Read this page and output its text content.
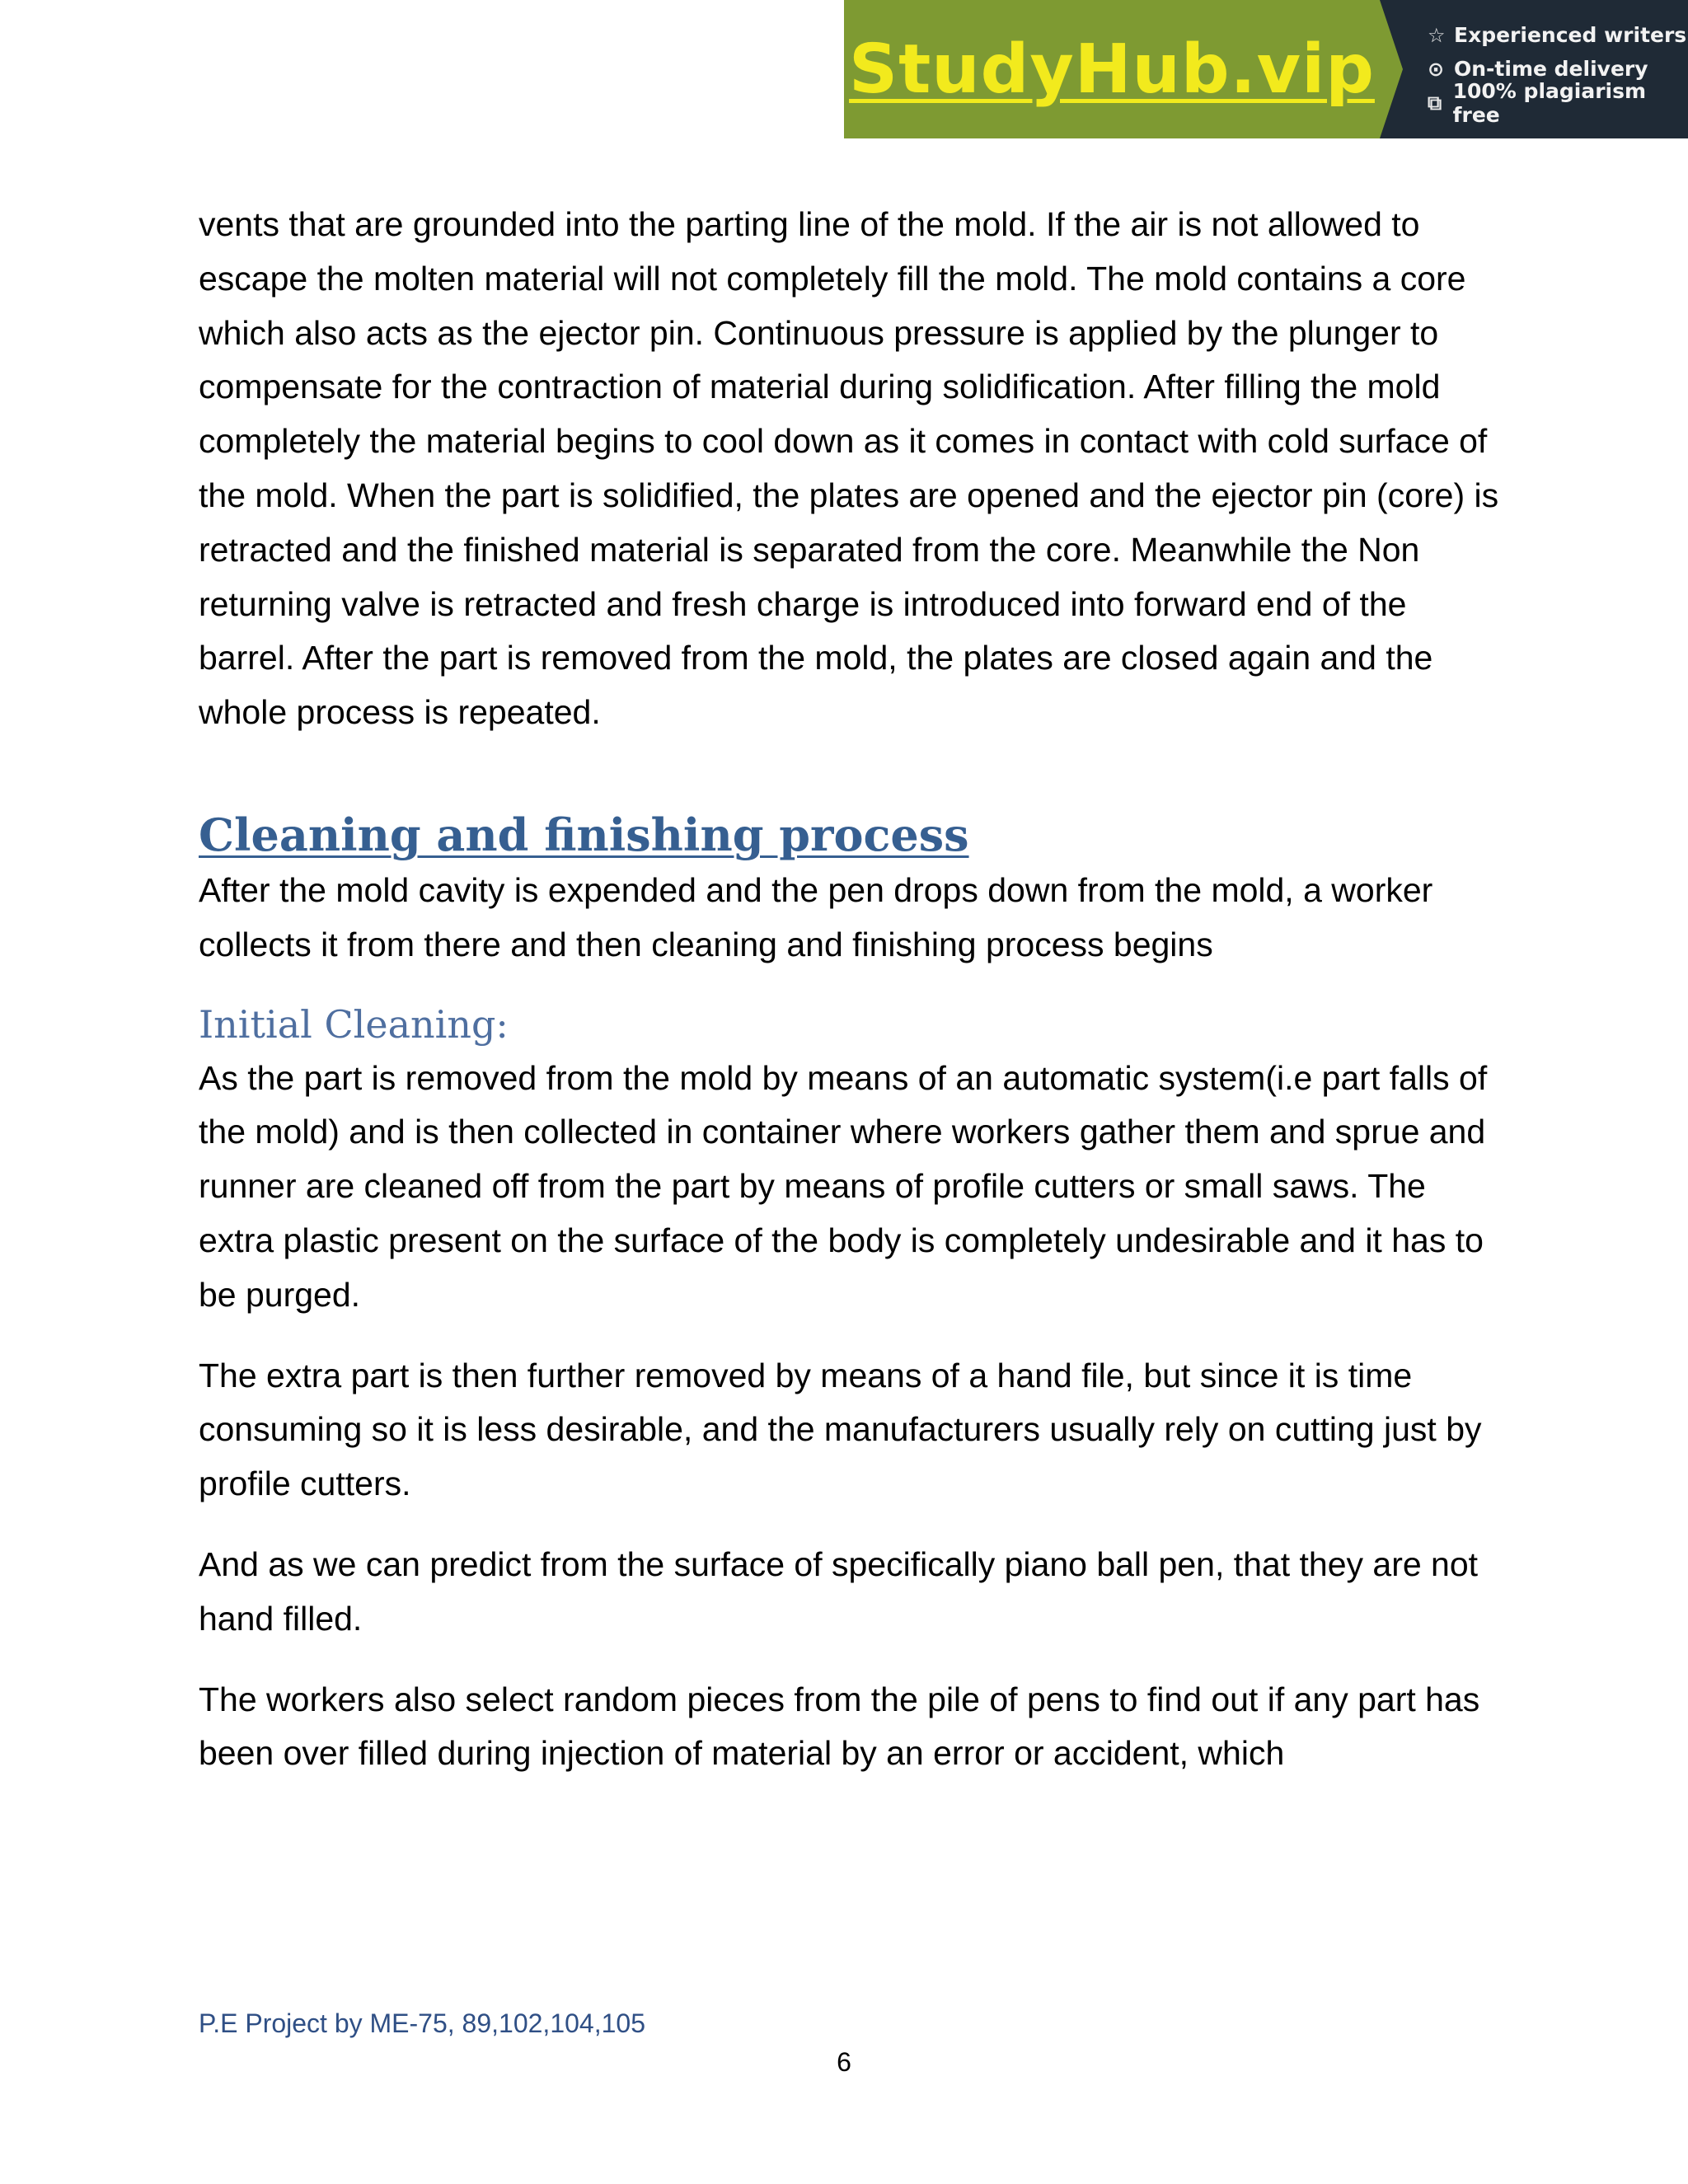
StudyHub.vip	☆ Experienced writers
⊙ On-time delivery
⧉ 100% plagiarism free

vents that are grounded into the parting line of the mold. If the air is not allowed to escape the molten material will not completely fill the mold. The mold contains a core which also acts as the ejector pin. Continuous pressure is applied by the plunger to compensate for the contraction of material during solidification. After filling the mold completely the material begins to cool down as it comes in contact with cold surface of the mold. When the part is solidified, the plates are opened and the ejector pin (core) is retracted and the finished material is separated from the core. Meanwhile the Non returning valve is retracted and fresh charge is introduced into forward end of the barrel. After the part is removed from the mold, the plates are closed again and the whole process is repeated.

Cleaning and finishing process

After the mold cavity is expended and the pen drops down from the mold, a worker collects it from there and then cleaning and finishing process begins

Initial Cleaning:

As the part is removed from the mold by means of an automatic system(i.e part falls of the mold) and is then collected in container where workers gather them and sprue and runner are cleaned off from the part by means of profile cutters or small saws. The extra plastic present on the surface of the body is completely undesirable and it has to be purged.

The extra part is then further removed by means of a hand file, but since it is time consuming so it is less desirable, and the manufacturers usually rely on cutting just by profile cutters.

And as we can predict from the surface of specifically piano ball pen, that they are not hand filled.

The workers also select random pieces from the pile of pens to find out if any part has been over filled during injection of material by an error or accident, which

P.E Project by ME-75, 89,102,104,105
6
